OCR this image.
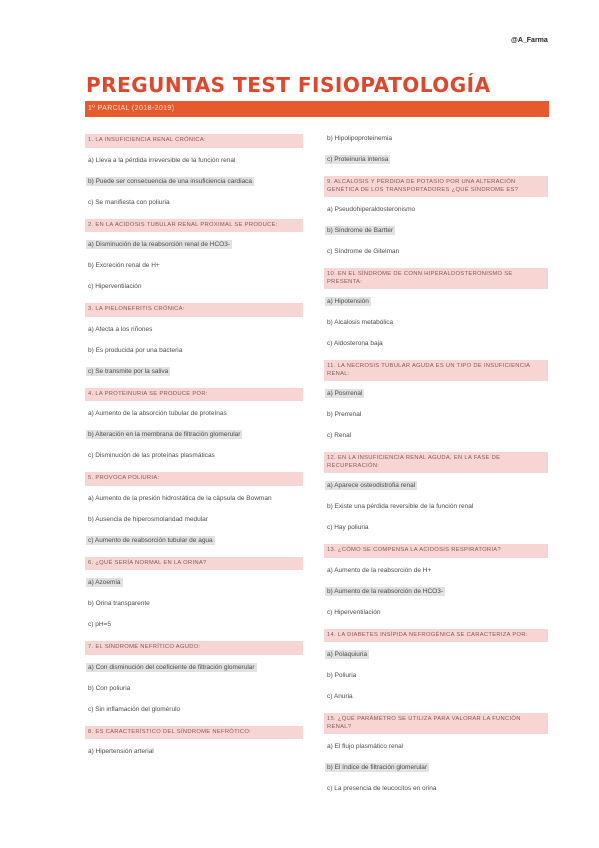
@A_Farma
PREGUNTAS TEST FISIOPATOLOGÍA
1º PARCIAL (2018-2019)
1. LA INSUFICIENCIA RENAL CRÓNICA:
a) Lleva a la pérdida irreversible de la función renal
b) Puede ser consecuencia de una insuficiencia cardiaca
c) Se manifiesta con poliuria
2. EN LA ACIDOSIS TUBULAR RENAL PROXIMAL SE PRODUCE:
a) Disminución de la reabsorción renal de HCO3-
b) Excreción renal de H+
c) Hiperventilación
3. LA PIELONEFRITIS CRÓNICA:
a) Afecta a los riñones
b) Es producida por una bacteria
c) Se transmite por la saliva
4. LA PROTEINURIA SE PRODUCE POR:
a) Aumento de la absorción tubular de proteínas
b) Alteración en la membrana de filtración glomerular
c) Disminución de las proteínas plasmáticas
5. PROVOCA POLIURIA:
a) Aumento de la presión hidrostática de la cápsula de Bowman
b) Ausencia de hiperosmolaridad medular
c) Aumento de reabsorción tubular de agua
6. ¿QUÉ SERÍA NORMAL EN LA ORINA?
a) Azoemia
b) Orina transparente
c) pH=5
7. EL SÍNDROME NEFRÍTICO AGUDO:
a) Con disminución del coeficiente de filtración glomerular
b) Con poliuria
c) Sin inflamación del glomérulo
8. ES CARACTERÍSTICO DEL SÍNDROME NEFRÓTICO:
a) Hipertensión arterial
b) Hipolipoproteinemia
c) Proteinuria intensa
9. ALCALOSIS Y PÉRDIDA DE POTASIO POR UNA ALTERACIÓN GENÉTICA DE LOS TRANSPORTADORES ¿QUÉ SÍNDROME ES?
a) Pseudohiperaldosteronismo
b) Síndrome de Bartter
c) Síndrome de Gitelman
10. EN EL SÍNDROME DE CONN HIPERALDOSTERONISMO SE PRESENTA:
a) Hipotensión
b) Alcalosis metabólica
c) Aldosterona baja
11. LA NECROSIS TUBULAR AGUDA ES UN TIPO DE INSUFICIENCIA RENAL:
a) Posrrenal
b) Prerrenal
c) Renal
12. EN LA INSUFICIENCIA RENAL AGUDA, EN LA FASE DE RECUPERACIÓN:
a) Aparece osteodistrofia renal
b) Existe una pérdida reversible de la función renal
c) Hay poliuria
13. ¿CÓMO SE COMPENSA LA ACIDOSIS RESPIRATORIA?
a) Aumento de la reabsorción de H+
b) Aumento de la reabsorción de HCO3-
c) Hiperventilación
14. LA DIABETES INSÍPIDA NEFROGÉNICA SE CARACTERIZA POR:
a) Polaquiuria
b) Poliuria
c) Anuria
15. ¿QUÉ PARÁMETRO SE UTILIZA PARA VALORAR LA FUNCIÓN RENAL?
a) El flujo plasmático renal
b) El índice de filtración glomerular
c) La presencia de leucocitos en orina
